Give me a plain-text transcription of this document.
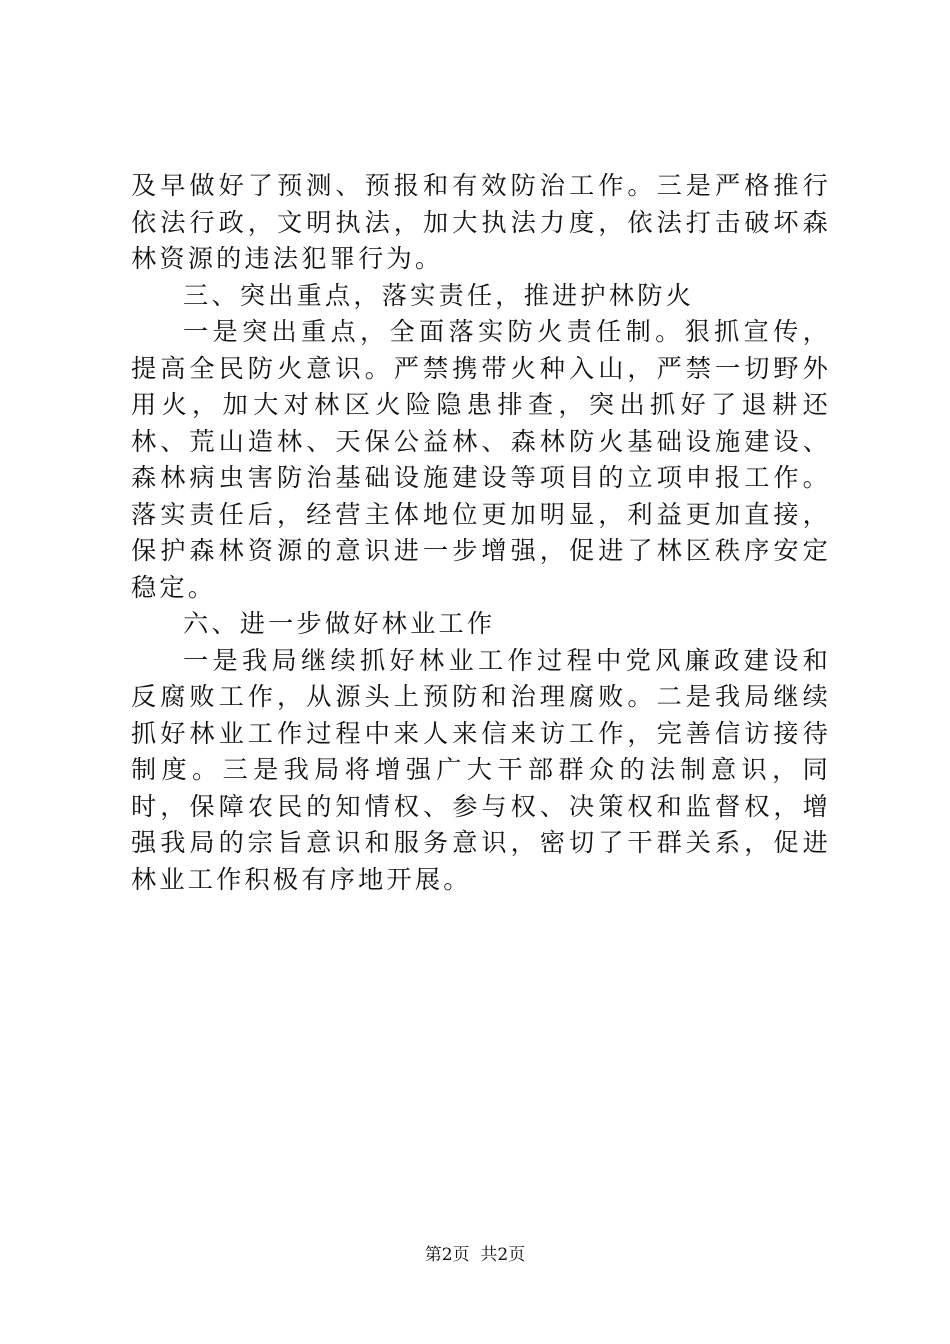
及早做好了预测、预报和有效防治工作。三是严格推行依法行政，文明执法，加大执法力度，依法打击破坏森林资源的违法犯罪行为。

三、突出重点，落实责任，推进护林防火

一是突出重点，全面落实防火责任制。狠抓宣传，提高全民防火意识。严禁携带火种入山，严禁一切野外用火，加大对林区火险隐患排查，突出抓好了退耕还林、荒山造林、天保公益林、森林防火基础设施建设、森林病虫害防治基础设施建设等项目的立项申报工作。落实责任后，经营主体地位更加明显，利益更加直接，保护森林资源的意识进一步增强，促进了林区秩序安定稳定。

六、进一步做好林业工作

一是我局继续抓好林业工作过程中党风廉政建设和反腐败工作，从源头上预防和治理腐败。二是我局继续抓好林业工作过程中来人来信来访工作，完善信访接待制度。三是我局将增强广大干部群众的法制意识，同时，保障农民的知情权、参与权、决策权和监督权，增强我局的宗旨意识和服务意识，密切了干群关系，促进林业工作积极有序地开展。

第2页  共2页
